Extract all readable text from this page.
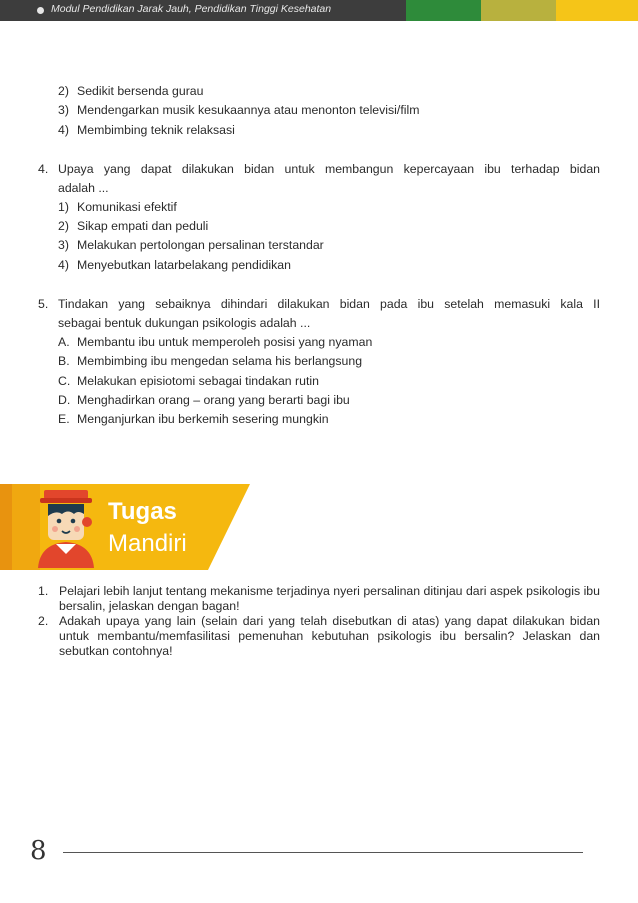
Modul Pendidikan Jarak Jauh, Pendidikan Tinggi Kesehatan
2) Sedikit bersenda gurau
3) Mendengarkan musik kesukaannya atau menonton televisi/film
4) Membimbing teknik relaksasi
4. Upaya yang dapat dilakukan bidan untuk membangun kepercayaan ibu terhadap bidan
adalah ...
1) Komunikasi efektif
2) Sikap empati dan peduli
3) Melakukan pertolongan persalinan terstandar
4) Menyebutkan latarbelakang pendidikan
5. Tindakan yang sebaiknya dihindari dilakukan bidan pada ibu setelah memasuki kala II
sebagai bentuk dukungan psikologis adalah ...
A. Membantu ibu untuk memperoleh posisi yang nyaman
B. Membimbing ibu mengedan selama his berlangsung
C. Melakukan episiotomi sebagai tindakan rutin
D. Menghadirkan orang – orang yang berarti bagi ibu
E. Menganjurkan ibu berkemih sesering mungkin
Tugas
Mandiri
1. Pelajari lebih lanjut tentang mekanisme terjadinya nyeri persalinan ditinjau dari aspek psikologis ibu bersalin, jelaskan dengan bagan!
2. Adakah upaya yang lain (selain dari yang telah disebutkan di atas) yang dapat dilakukan bidan untuk membantu/memfasilitasi pemenuhan kebutuhan psikologis ibu bersalin? Jelaskan dan sebutkan contohnya!
8
